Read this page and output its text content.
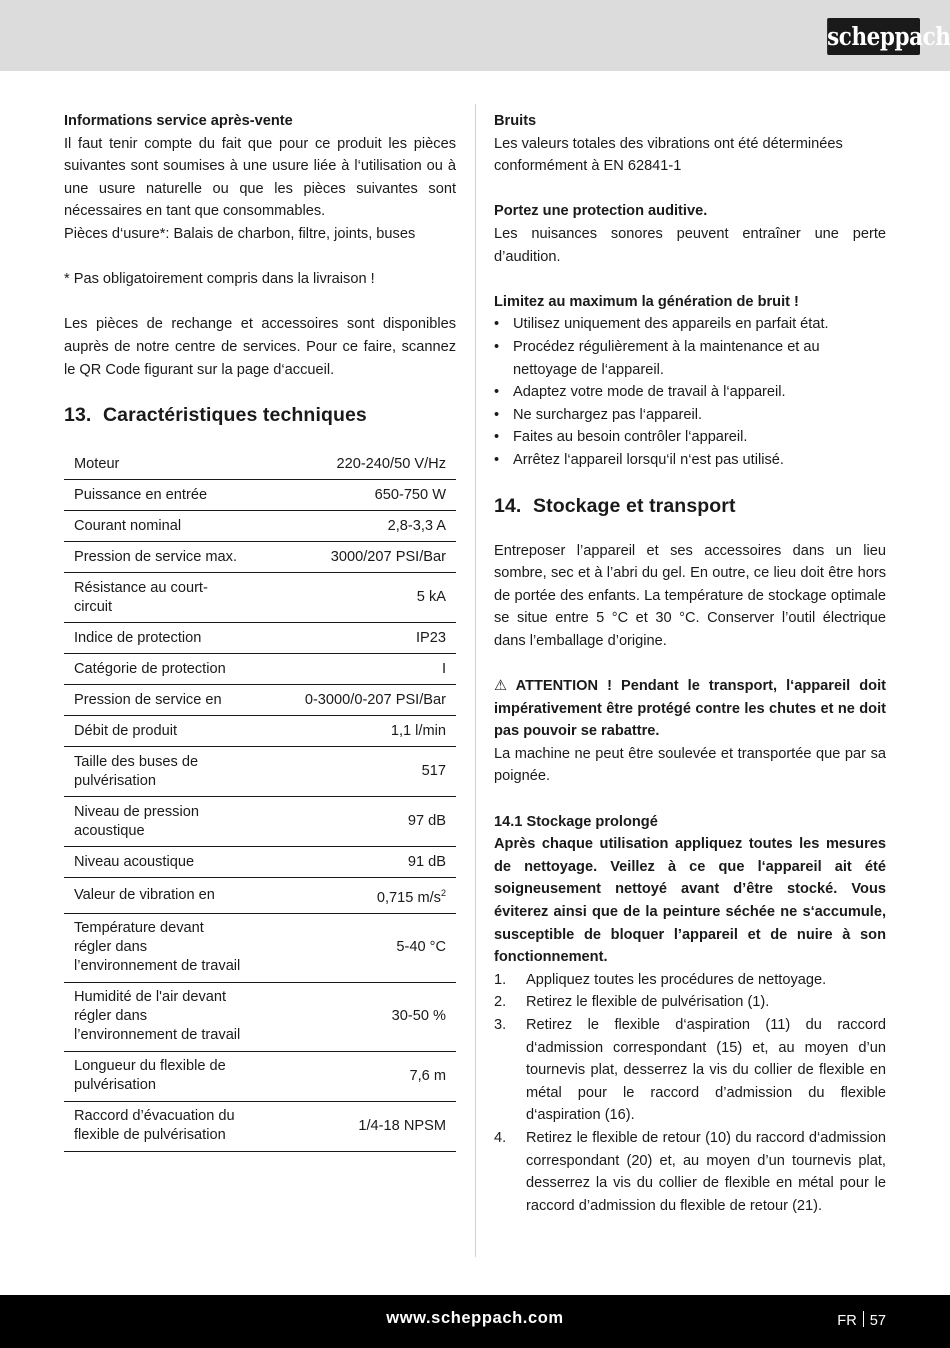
scheppach

Informations service après-vente

Il faut tenir compte du fait que pour ce produit les pièces suivantes sont soumises à une usure liée à l‘utilisation ou à une usure naturelle ou que les pièces suivantes sont nécessaires en tant que consommables.

Pièces d‘usure*: Balais de charbon, filtre, joints, buses

* Pas obligatoirement compris dans la livraison !

Les pièces de rechange et accessoires sont disponibles auprès de notre centre de services. Pour ce faire, scannez le QR Code figurant sur la page d‘accueil.

13. Caractéristiques techniques
Moteur	220-240/50 V/Hz
Puissance en entrée	650-750 W
Courant nominal	2,8-3,3 A
Pression de service max.	3000/207 PSI/Bar
Résistance au court-circuit	5 kA
Indice de protection	IP23
Catégorie de protection	I
Pression de service en	0-3000/0-207 PSI/Bar
Débit de produit	1,1 l/min
Taille des buses de pulvérisation	517
Niveau de pression acoustique	97 dB
Niveau acoustique	91 dB
Valeur de vibration en	0,715 $m/s^2$
Température devant régler dans l’environnement de travail	5-40 °C
Humidité de l'air devant régler dans l’environnement de travail	30-50 %
Longueur du flexible de pulvérisation	7,6 m
Raccord d’évacuation du flexible de pulvérisation	1/4-18 NPSM

Bruits

Les valeurs totales des vibrations ont été déterminées conformément à EN 62841-1

Portez une protection auditive.

Les nuisances sonores peuvent entraîner une perte d’audition.

Limitez au maximum la génération de bruit !

• Utilisez uniquement des appareils en parfait état.
• Procédez régulièrement à la maintenance et au nettoyage de l‘appareil.
• Adaptez votre mode de travail à l‘appareil.
• Ne surchargez pas l‘appareil.
• Faites au besoin contrôler l‘appareil.
• Arrêtez l‘appareil lorsqu‘il n‘est pas utilisé.
14. Stockage et transport

Entreposer l’appareil et ses accessoires dans un lieu sombre, sec et à l’abri du gel. En outre, ce lieu doit être hors de portée des enfants. La température de stockage optimale se situe entre 5 °C et 30 °C. Conserver l’outil électrique dans l’emballage d’origine.

⚠ ATTENTION ! Pendant le transport, l‘appareil doit impérativement être protégé contre les chutes et ne doit pas pouvoir se rabattre.

La machine ne peut être soulevée et transportée que par sa poignée.

14.1 Stockage prolongé

Après chaque utilisation appliquez toutes les mesures de nettoyage. Veillez à ce que l‘appareil ait été soigneusement nettoyé avant d’être stocké. Vous éviterez ainsi que de la peinture séchée ne s‘accumule, susceptible de bloquer l’appareil et de nuire à son fonctionnement.

1. Appliquez toutes les procédures de nettoyage.
2. Retirez le flexible de pulvérisation (1).
3. Retirez le flexible d‘aspiration (11) du raccord d‘admission correspondant (15) et, au moyen d’un tournevis plat, desserrez la vis du collier de flexible en métal pour le raccord d’admission du flexible d‘aspiration (16).
4. Retirez le flexible de retour (10) du raccord d‘admission correspondant (20) et, au moyen d’un tournevis plat, desserrez la vis du collier de flexible en métal pour le raccord d’admission du flexible de retour (21).
www.scheppach.com	FR 57
